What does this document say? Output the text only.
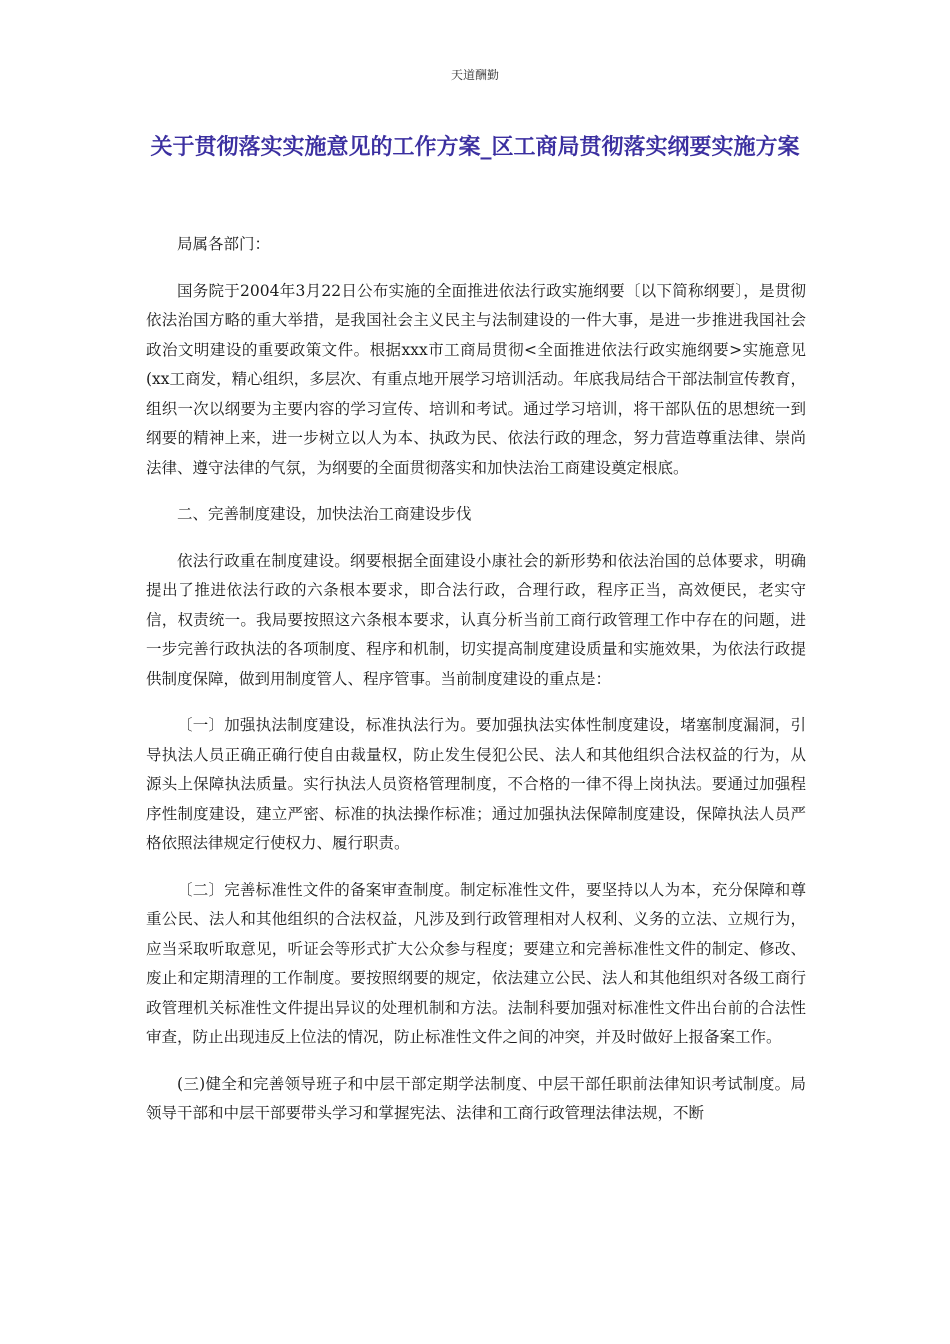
天道酬勤
关于贯彻落实实施意见的工作方案_区工商局贯彻落实纲要实施方案

局属各部门：

国务院于2004年3月22日公布实施的全面推进依法行政实施纲要〔以下简称纲要〕，是贯彻依法治国方略的重大举措，是我国社会主义民主与法制建设的一件大事，是进一步推进我国社会政治文明建设的重要政策文件。根据xxx市工商局贯彻<全面推进依法行政实施纲要>实施意见(xx工商发，精心组织，多层次、有重点地开展学习培训活动。年底我局结合干部法制宣传教育，组织一次以纲要为主要内容的学习宣传、培训和考试。通过学习培训，将干部队伍的思想统一到纲要的精神上来，进一步树立以人为本、执政为民、依法行政的理念，努力营造尊重法律、崇尚法律、遵守法律的气氛，为纲要的全面贯彻落实和加快法治工商建设奠定根底。

二、完善制度建设，加快法治工商建设步伐

依法行政重在制度建设。纲要根据全面建设小康社会的新形势和依法治国的总体要求，明确提出了推进依法行政的六条根本要求，即合法行政，合理行政，程序正当，高效便民，老实守信，权责统一。我局要按照这六条根本要求，认真分析当前工商行政管理工作中存在的问题，进一步完善行政执法的各项制度、程序和机制，切实提高制度建设质量和实施效果，为依法行政提供制度保障，做到用制度管人、程序管事。当前制度建设的重点是：

〔一〕加强执法制度建设，标准执法行为。要加强执法实体性制度建设，堵塞制度漏洞，引导执法人员正确正确行使自由裁量权，防止发生侵犯公民、法人和其他组织合法权益的行为，从源头上保障执法质量。实行执法人员资格管理制度，不合格的一律不得上岗执法。要通过加强程序性制度建设，建立严密、标准的执法操作标准；通过加强执法保障制度建设，保障执法人员严格依照法律规定行使权力、履行职责。

〔二〕完善标准性文件的备案审查制度。制定标准性文件，要坚持以人为本，充分保障和尊重公民、法人和其他组织的合法权益，凡涉及到行政管理相对人权利、义务的立法、立规行为，应当采取听取意见，听证会等形式扩大公众参与程度；要建立和完善标准性文件的制定、修改、废止和定期清理的工作制度。要按照纲要的规定，依法建立公民、法人和其他组织对各级工商行政管理机关标准性文件提出异议的处理机制和方法。法制科要加强对标准性文件出台前的合法性审查，防止出现违反上位法的情况，防止标准性文件之间的冲突，并及时做好上报备案工作。

(三)健全和完善领导班子和中层干部定期学法制度、中层干部任职前法律知识考试制度。局领导干部和中层干部要带头学习和掌握宪法、法律和工商行政管理法律法规，不断
